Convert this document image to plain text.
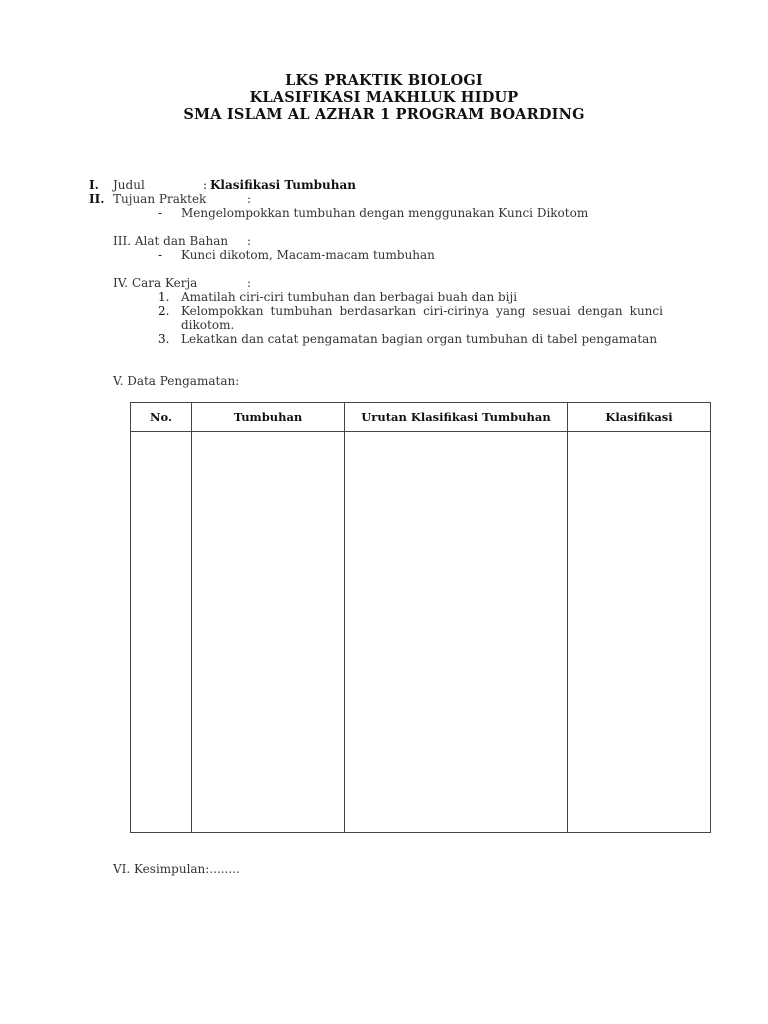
LKS PRAKTIK BIOLOGI
KLASIFIKASI MAKHLUK HIDUP
SMA ISLAM AL AZHAR 1 PROGRAM BOARDING
I. Judul	: Klasifikasi Tumbuhan
II. Tujuan Praktek	:
- Mengelompokkan tumbuhan dengan menggunakan Kunci Dikotom
III. Alat dan Bahan :
- Kunci dikotom, Macam-macam tumbuhan
IV. Cara Kerja	:
1. Amatilah ciri-ciri tumbuhan dan berbagai buah dan biji
2. Kelompokkan tumbuhan berdasarkan ciri-cirinya yang sesuai dengan kunci
dikotom.
3. Lekatkan dan catat pengamatan bagian organ tumbuhan di tabel pengamatan
V. Data Pengamatan:
No.	Tumbuhan	Urutan Klasifikasi Tumbuhan	Klasifikasi

VI. Kesimpulan:........
